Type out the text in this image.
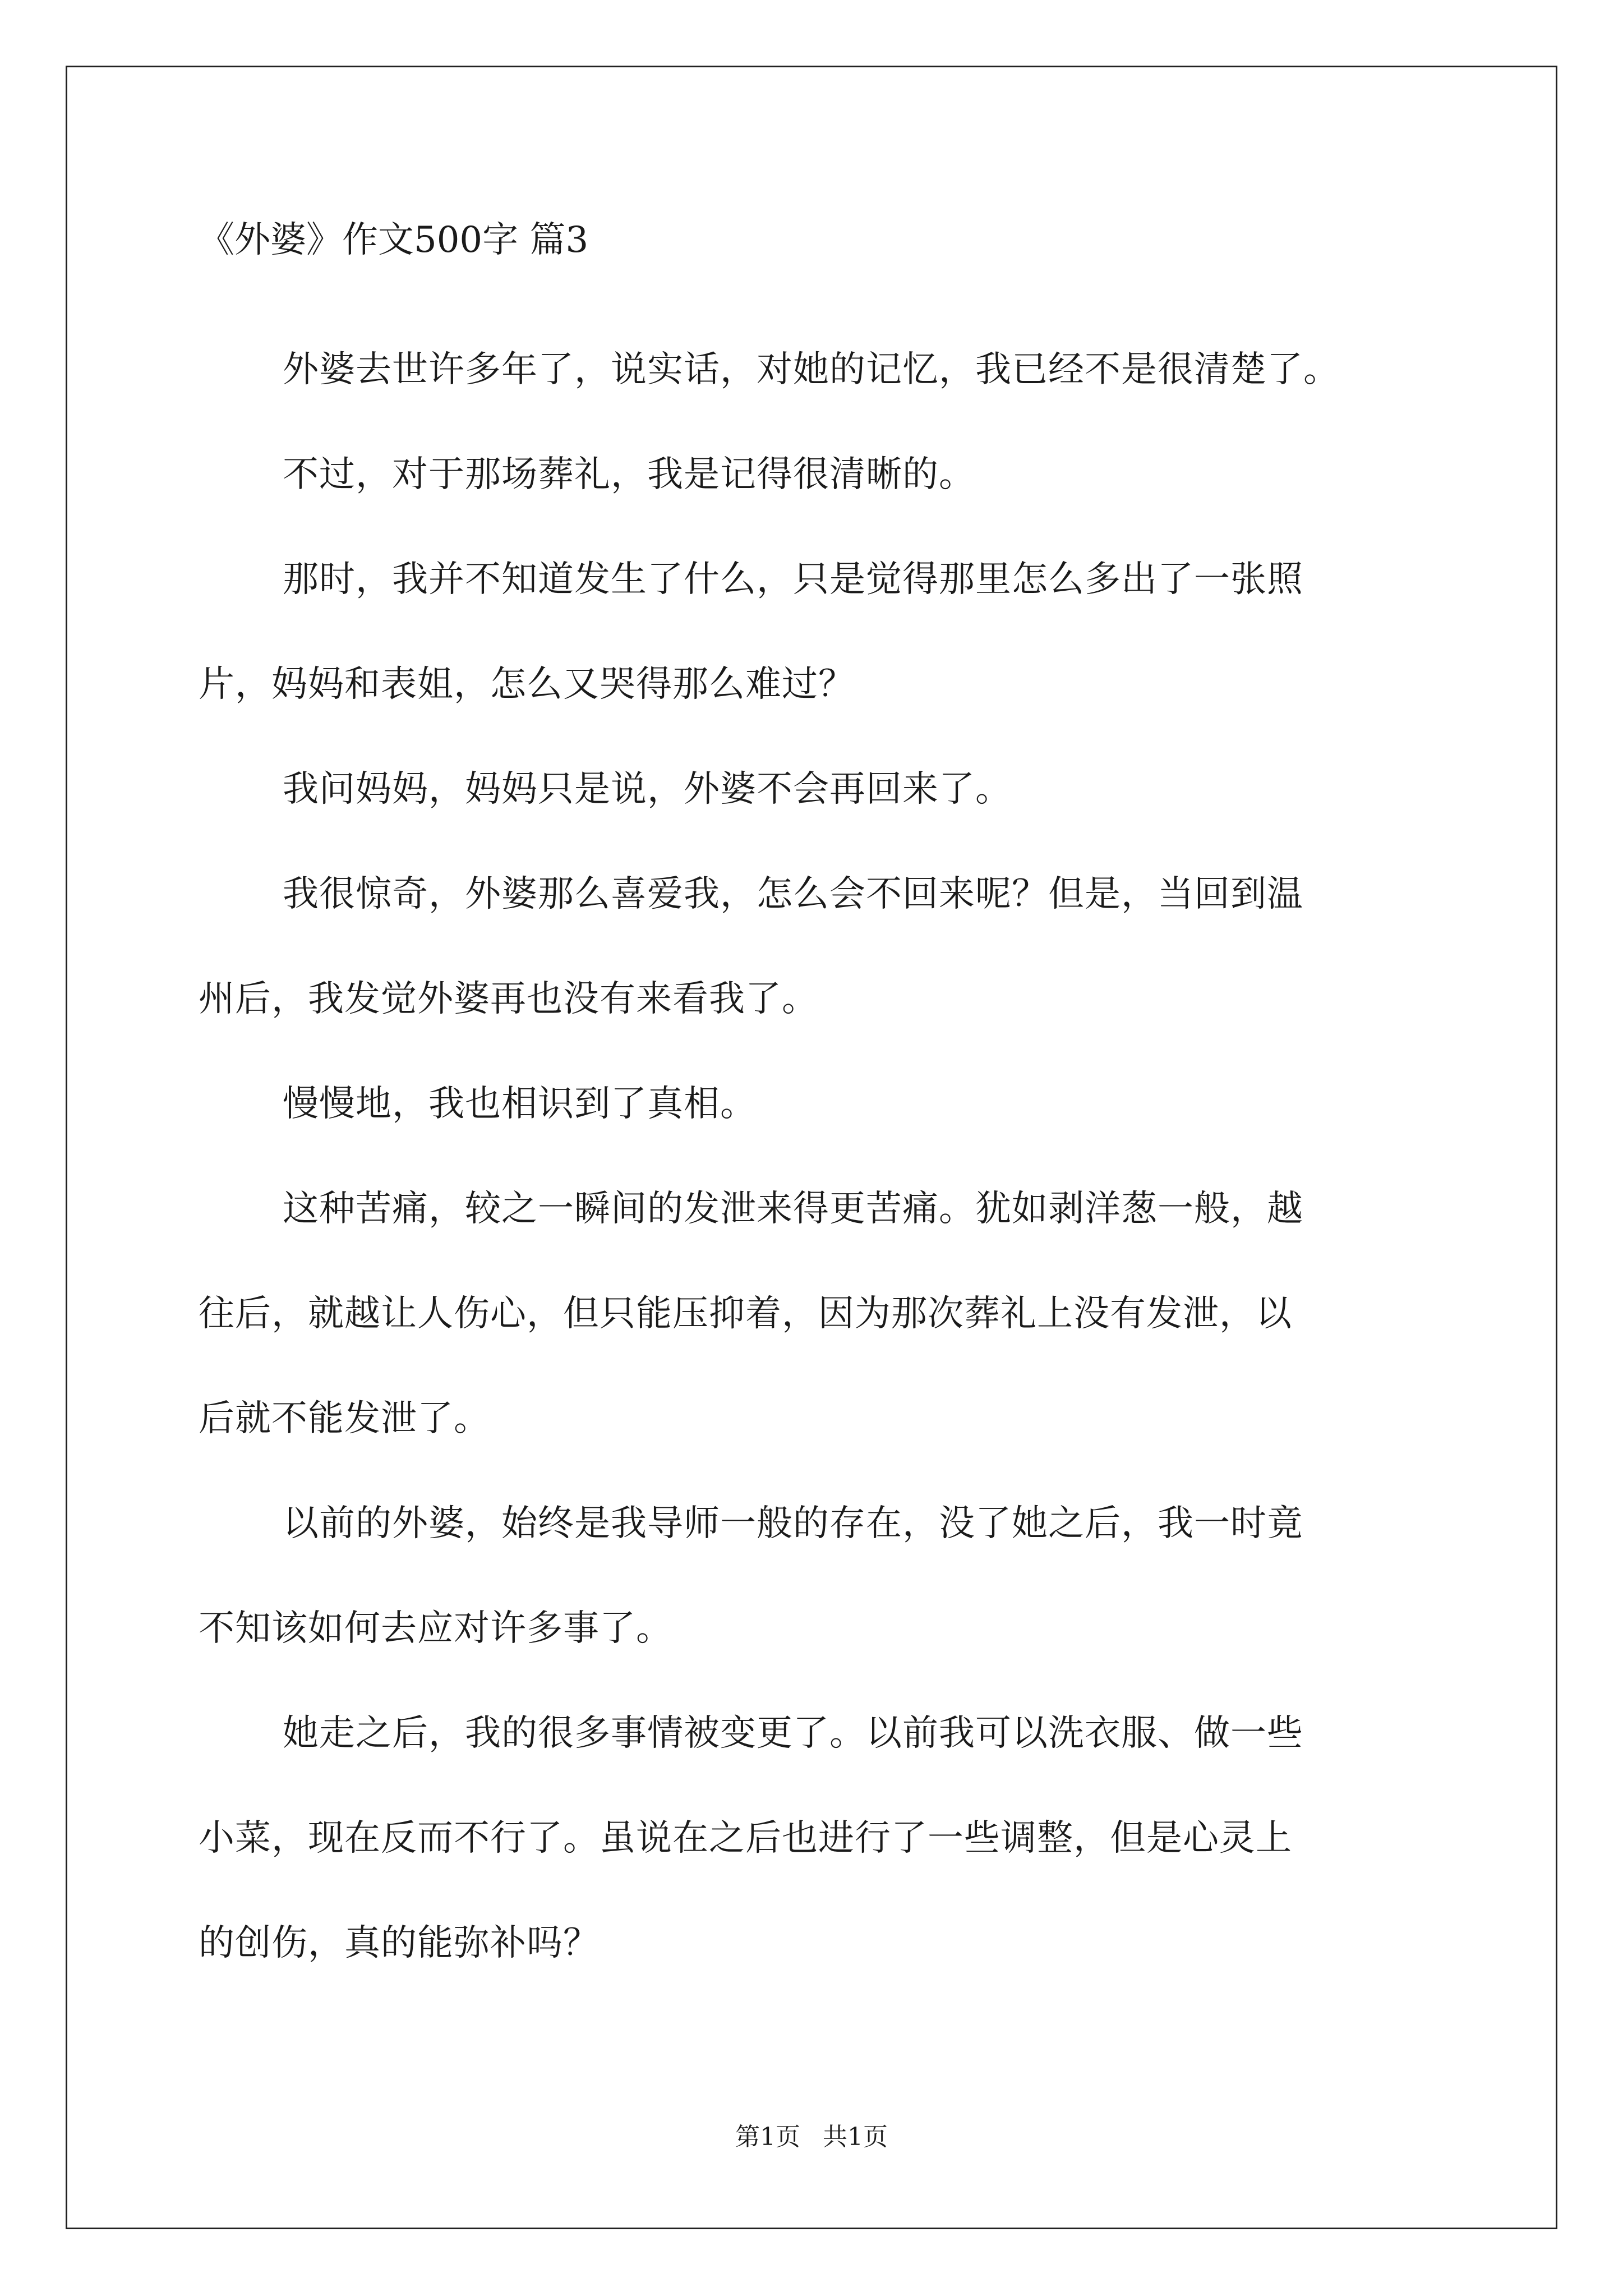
《外婆》作文500字 篇3

外婆去世许多年了，说实话，对她的记忆，我已经不是很清楚了。

不过，对于那场葬礼，我是记得很清晰的。

那时，我并不知道发生了什么，只是觉得那里怎么多出了一张照
片，妈妈和表姐，怎么又哭得那么难过？

我问妈妈，妈妈只是说，外婆不会再回来了。

我很惊奇，外婆那么喜爱我，怎么会不回来呢？但是，当回到温
州后，我发觉外婆再也没有来看我了。

慢慢地，我也相识到了真相。

这种苦痛，较之一瞬间的发泄来得更苦痛。犹如剥洋葱一般，越
往后，就越让人伤心，但只能压抑着，因为那次葬礼上没有发泄，以
后就不能发泄了。

以前的外婆，始终是我导师一般的存在，没了她之后，我一时竟
不知该如何去应对许多事了。

她走之后，我的很多事情被变更了。以前我可以洗衣服、做一些
小菜，现在反而不行了。虽说在之后也进行了一些调整，但是心灵上
的创伤，真的能弥补吗？

第1页 共1页
